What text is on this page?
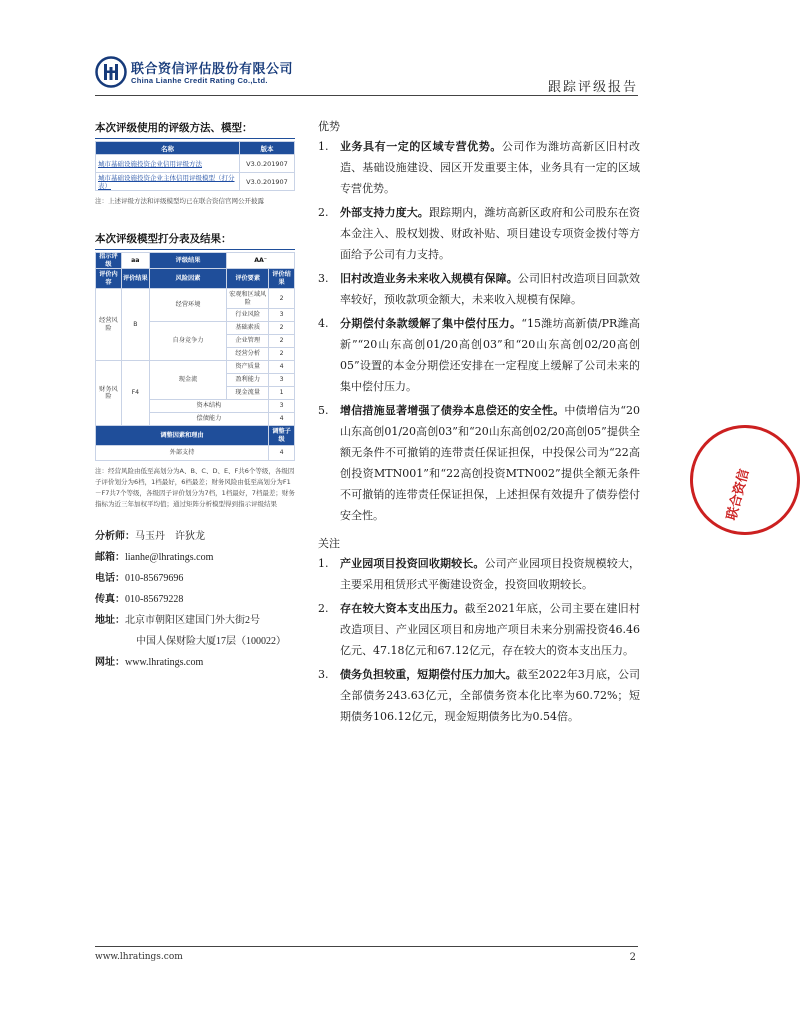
联合资信评估股份有限公司
China Lianhe Credit Rating Co.,Ltd.	跟踪评级报告
本次评级使用的评级方法、模型：
名称	版本
城市基础设施投资企业信用评级方法	V3.0.201907
城市基础设施投资企业主体信用评级模型（打分表）	V3.0.201907
注：上述评级方法和评级模型均已在联合资信官网公开披露
本次评级模型打分表及结果：
指示评级	aa	评级结果	AA⁻	
评价内容	评价结果	风险因素	评价要素	评价结果
经营风险	B	经营环境	宏观和区域风险	2
			行业风险	3
		自身竞争力	基础素质	2
			企业管理	2
			经营分析	2
财务风险	F4	现金流	资产质量	4
			盈利能力	3
			现金流量	1
		资本结构		3
		偿债能力		4
调整因素和理由				调整子级
外部支持				4
注：经营风险由低至高划分为A、B、C、D、E、F共6个等级，各级因子评价划分为6档，1档最好，6档最差；财务风险由低至高划分为F1－F7共7个等级，各级因子评价划分为7档，1档最好，7档最差；财务指标为近三年加权平均值；通过矩阵分析模型得到指示评级结果
分析师：马玉丹　许狄龙
邮箱：lianhe@lhratings.com
电话：010-85679696
传真：010-85679228
地址：北京市朝阳区建国门外大街2号
中国人保财险大厦17层（100022）
网址：www.lhratings.com
优势
1.	业务具有一定的区域专营优势。公司作为潍坊高新区旧村改造、基础设施建设、园区开发重要主体，业务具有一定的区域专营优势。
2.	外部支持力度大。跟踪期内，潍坊高新区政府和公司股东在资本金注入、股权划拨、财政补贴、项目建设专项资金拨付等方面给予公司有力支持。
3.	旧村改造业务未来收入规模有保障。公司旧村改造项目回款效率较好，预收款项金额大，未来收入规模有保障。
4.	分期偿付条款缓解了集中偿付压力。“15潍坊高新债/PR潍高新”“20山东高创01/20高创03”和“20山东高创02/20高创05”设置的本金分期偿还安排在一定程度上缓解了公司未来的集中偿付压力。
5.	增信措施显著增强了债券本息偿还的安全性。中债增信为“20山东高创01/20高创03”和“20山东高创02/20高创05”提供全额无条件不可撤销的连带责任保证担保，中投保公司为“22高创投资MTN001”和“22高创投资MTN002”提供全额无条件不可撤销的连带责任保证担保，上述担保有效提升了债券偿付安全性。
关注
1.	产业园项目投资回收期较长。公司产业园项目投资规模较大，主要采用租赁形式平衡建设资金，投资回收期较长。
2.	存在较大资本支出压力。截至2021年底，公司主要在建旧村改造项目、产业园区项目和房地产项目未来分别需投资46.46亿元、47.18亿元和67.12亿元，存在较大的资本支出压力。
3.	债务负担较重，短期偿付压力加大。截至2022年3月底，公司全部债务243.63亿元，全部债务资本化比率为60.72%；短期债务106.12亿元，现金短期债务比为0.54倍。
联合资信
www.lhratings.com	2
